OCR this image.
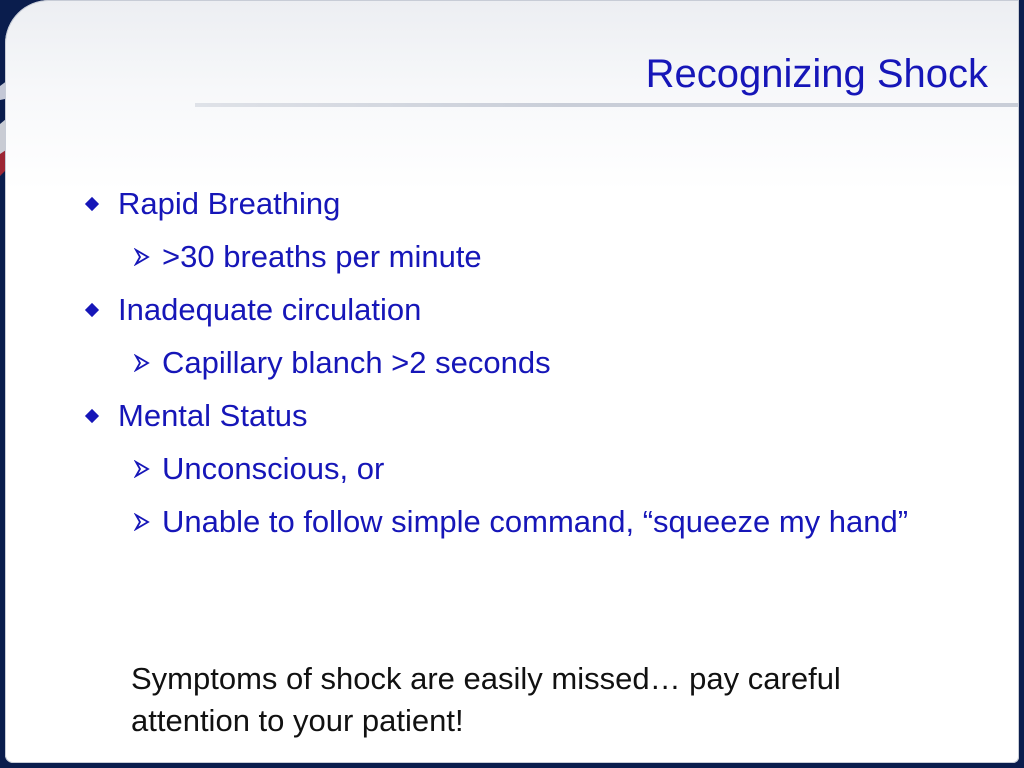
Recognizing Shock
Rapid Breathing
>30 breaths per minute
Inadequate circulation
Capillary blanch >2 seconds
Mental Status
Unconscious, or
Unable to follow simple command, “squeeze my hand”
Symptoms of shock are easily missed… pay careful attention to your patient!
